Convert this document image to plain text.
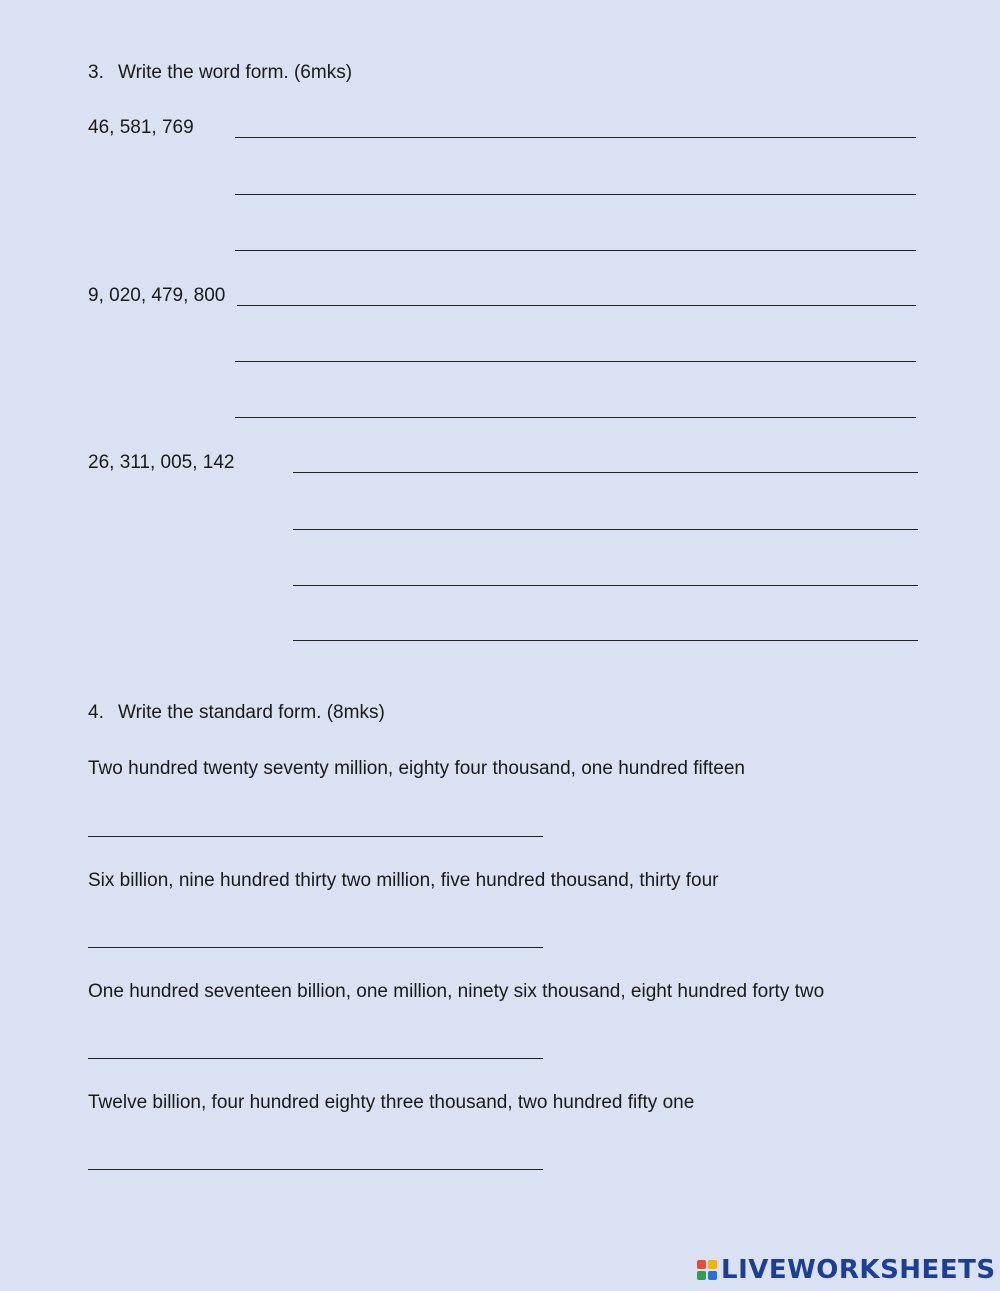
3. Write the word form. (6mks)
46, 581, 769
9, 020, 479, 800
26, 311, 005, 142
4. Write the standard form. (8mks)
Two hundred twenty seventy million, eighty four thousand, one hundred fifteen
Six billion, nine hundred thirty two million, five hundred thousand, thirty four
One hundred seventeen billion, one million, ninety six thousand, eight hundred forty two
Twelve billion, four hundred eighty three thousand, two hundred fifty one
LIVEWORKSHEETS
